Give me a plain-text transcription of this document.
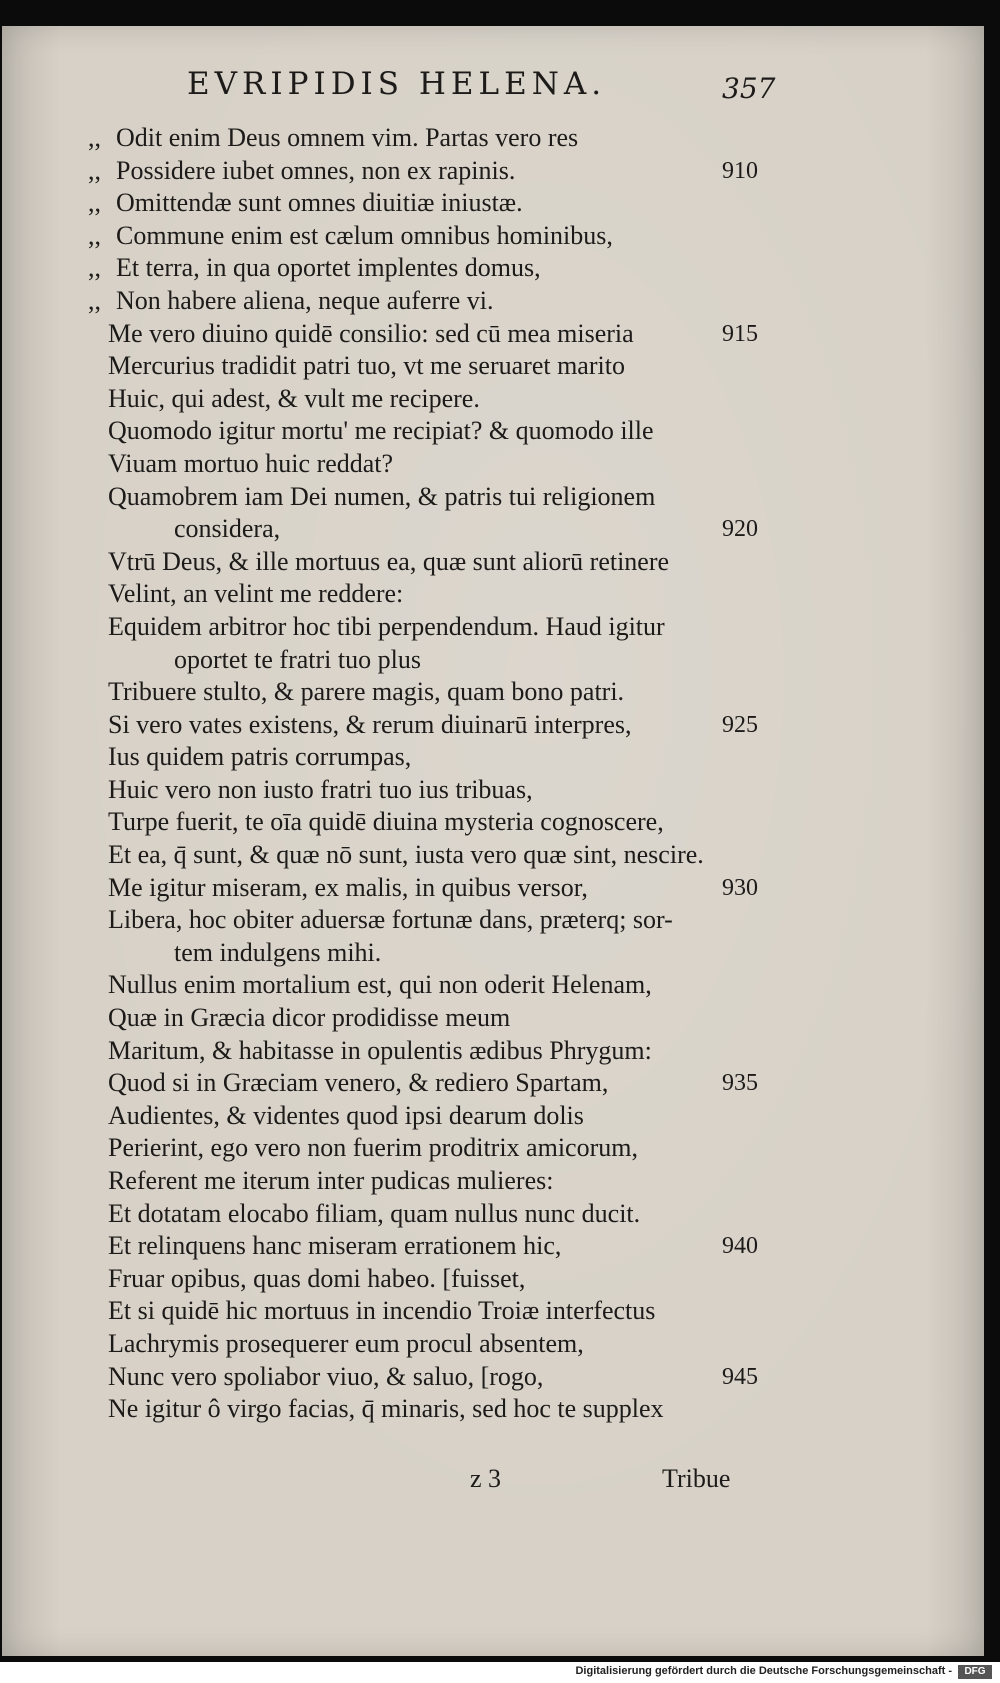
EVRIPIDIS HELENA.	357
,, Odit enim Deus omnem vim. Partas vero res
,, Possidere iubet omnes, non ex rapinis.	910
,, Omittendæ sunt omnes diuitiæ iniustæ.
,, Commune enim est cælum omnibus hominibus,
,, Et terra, in qua oportet implentes domus,
,, Non habere aliena, neque auferre vi.
Me vero diuino quidē consilio: sed cū mea miseria	915
Mercurius tradidit patri tuo, vt me seruaret marito
Huic, qui adest, & vult me recipere.
Quomodo igitur mortu' me recipiat? & quomodo ille
Viuam mortuo huic reddat?
Quamobrem iam Dei numen, & patris tui religionem
considera,	920
Vtrū Deus, & ille mortuus ea, quæ sunt aliorū retinere
Velint, an velint me reddere:
Equidem arbitror hoc tibi perpendendum. Haud igitur
oportet te fratri tuo plus
Tribuere stulto, & parere magis, quam bono patri.
Si vero vates existens, & rerum diuinarū interpres,	925
Ius quidem patris corrumpas,
Huic vero non iusto fratri tuo ius tribuas,
Turpe fuerit, te oīa quidē diuina mysteria cognoscere,
Et ea, q̄ sunt, & quæ nō sunt, iusta vero quæ sint, nescire.
Me igitur miseram, ex malis, in quibus versor,	930
Libera, hoc obiter aduersæ fortunæ dans, præterq; sor-
tem indulgens mihi.
Nullus enim mortalium est, qui non oderit Helenam,
Quæ in Græcia dicor prodidisse meum
Maritum, & habitasse in opulentis ædibus Phrygum:
Quod si in Græciam venero, & rediero Spartam,	935
Audientes, & videntes quod ipsi dearum dolis
Perierint, ego vero non fuerim proditrix amicorum,
Referent me iterum inter pudicas mulieres:
Et dotatam elocabo filiam, quam nullus nunc ducit.
Et relinquens hanc miseram errationem hic,	940
Fruar opibus, quas domi habeo. [fuisset,
Et si quidē hic mortuus in incendio Troiæ interfectus
Lachrymis prosequerer eum procul absentem,
Nunc vero spoliabor viuo, & saluo, [rogo,	945
Ne igitur ô virgo facias, q̄ minaris, sed hoc te supplex
z 3	Tribue
Digitalisierung gefördert durch die Deutsche Forschungsgemeinschaft -	DFG
